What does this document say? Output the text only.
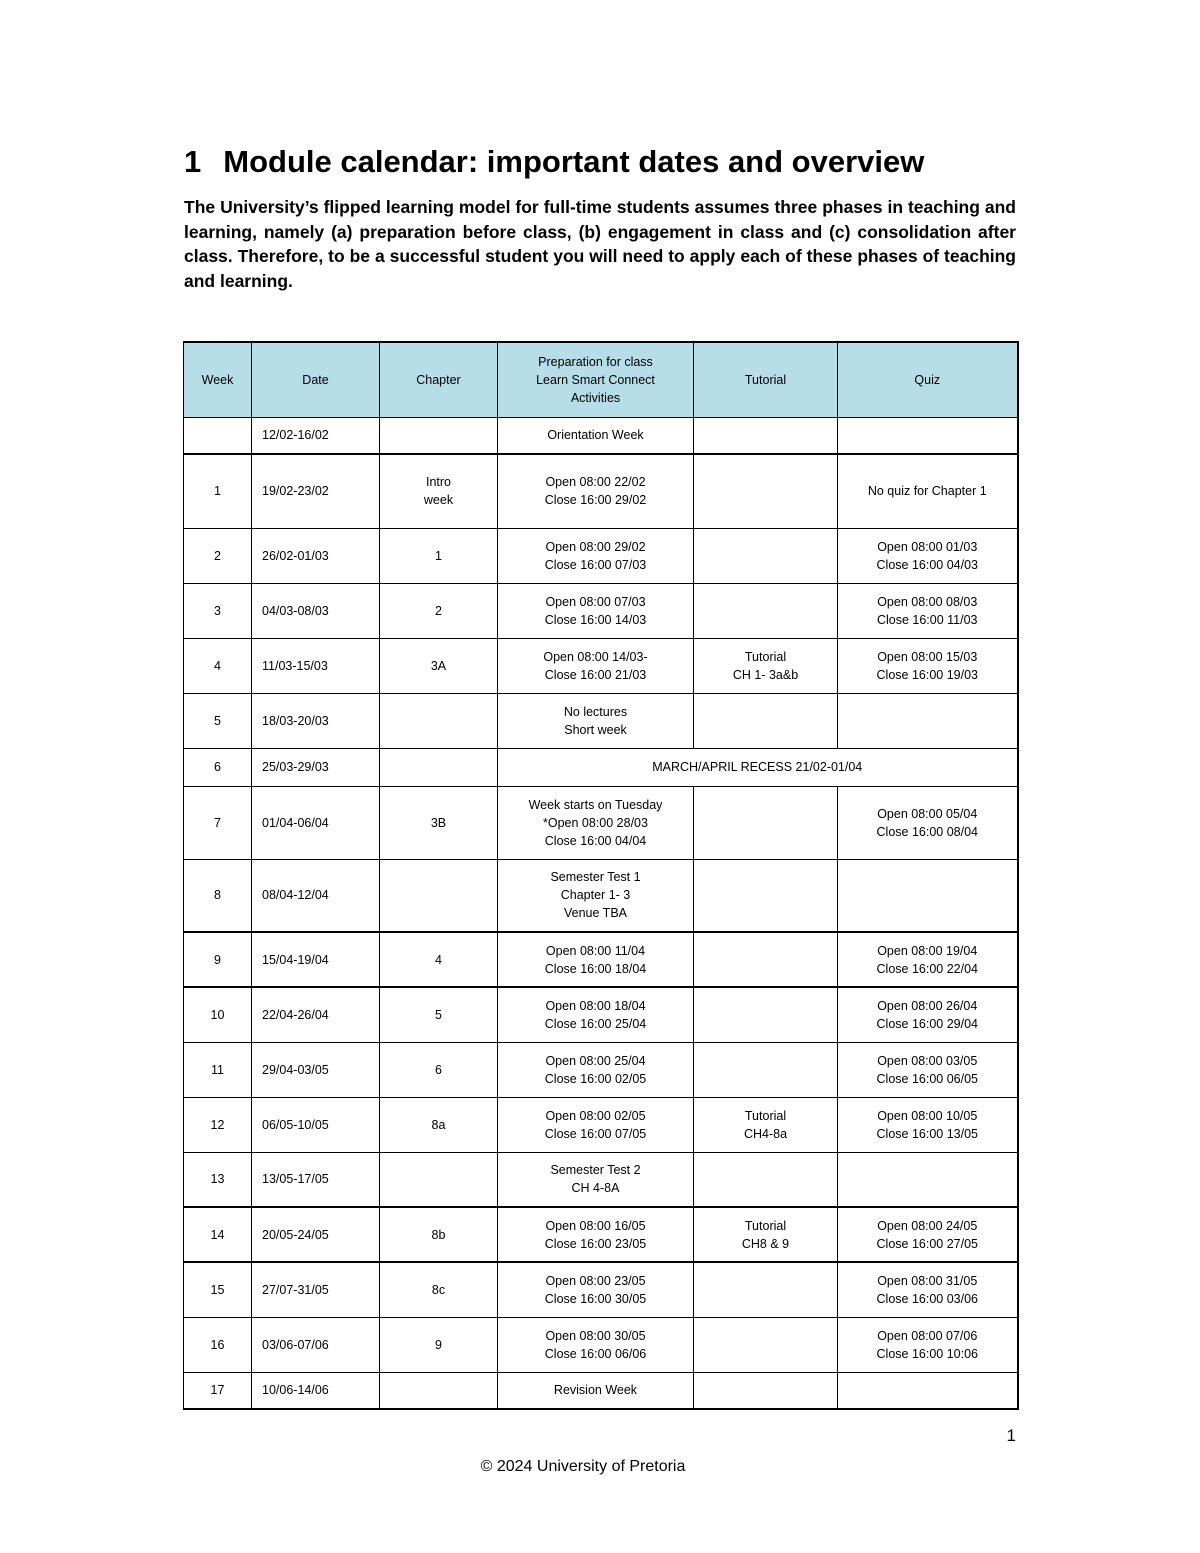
1 Module calendar: important dates and overview

The University’s flipped learning model for full-time students assumes three phases in teaching and learning, namely (a) preparation before class, (b) engagement in class and (c) consolidation after class. Therefore, to be a successful student you will need to apply each of these phases of teaching and learning.

Week	Date	Chapter	Preparation for class
Learn Smart Connect
Activities	Tutorial	Quiz
	12/02-16/02		Orientation Week		

1	19/02-23/02	Intro
week	Open 08:00 22/02
Close 16:00 29/02		No quiz for Chapter 1

2	26/02-01/03	1	Open 08:00 29/02
Close 16:00 07/03		Open 08:00 01/03
Close 16:00 04/03

3	04/03-08/03	2	Open 08:00 07/03
Close 16:00 14/03		Open 08:00 08/03
Close 16:00 11/03

4	11/03-15/03	3A	Open 08:00 14/03-
Close 16:00 21/03	Tutorial
CH 1- 3a&b	Open 08:00 15/03
Close 16:00 19/03

5	18/03-20/03		No lectures
Short week		

6	25/03-29/03		MARCH/APRIL RECESS 21/02-01/04		
7	01/04-06/04	3B	Week starts on Tuesday
*Open 08:00 28/03
Close 16:00 04/04		Open 08:00 05/04
Close 16:00 08/04

8	08/04-12/04		Semester Test 1
Chapter 1- 3
Venue TBA		

9	15/04-19/04	4	Open 08:00 11/04
Close 16:00 18/04		Open 08:00 19/04
Close 16:00 22/04

10	22/04-26/04	5	Open 08:00 18/04
Close 16:00 25/04		Open 08:00 26/04
Close 16:00 29/04

11	29/04-03/05	6	Open 08:00 25/04
Close 16:00 02/05		Open 08:00 03/05
Close 16:00 06/05

12	06/05-10/05	8a	Open 08:00 02/05
Close 16:00 07/05	Tutorial
CH4-8a	Open 08:00 10/05
Close 16:00 13/05

13	13/05-17/05		Semester Test 2
CH 4-8A		

14	20/05-24/05	8b	Open 08:00 16/05
Close 16:00 23/05	Tutorial
CH8 & 9	Open 08:00 24/05
Close 16:00 27/05

15	27/07-31/05	8c	Open 08:00 23/05
Close 16:00 30/05		Open 08:00 31/05
Close 16:00 03/06

16	03/06-07/06	9	Open 08:00 30/05
Close 16:00 06/06		Open 08:00 07/06
Close 16:00 10:06

17	10/06-14/06		Revision Week		

1
© 2024 University of Pretoria
